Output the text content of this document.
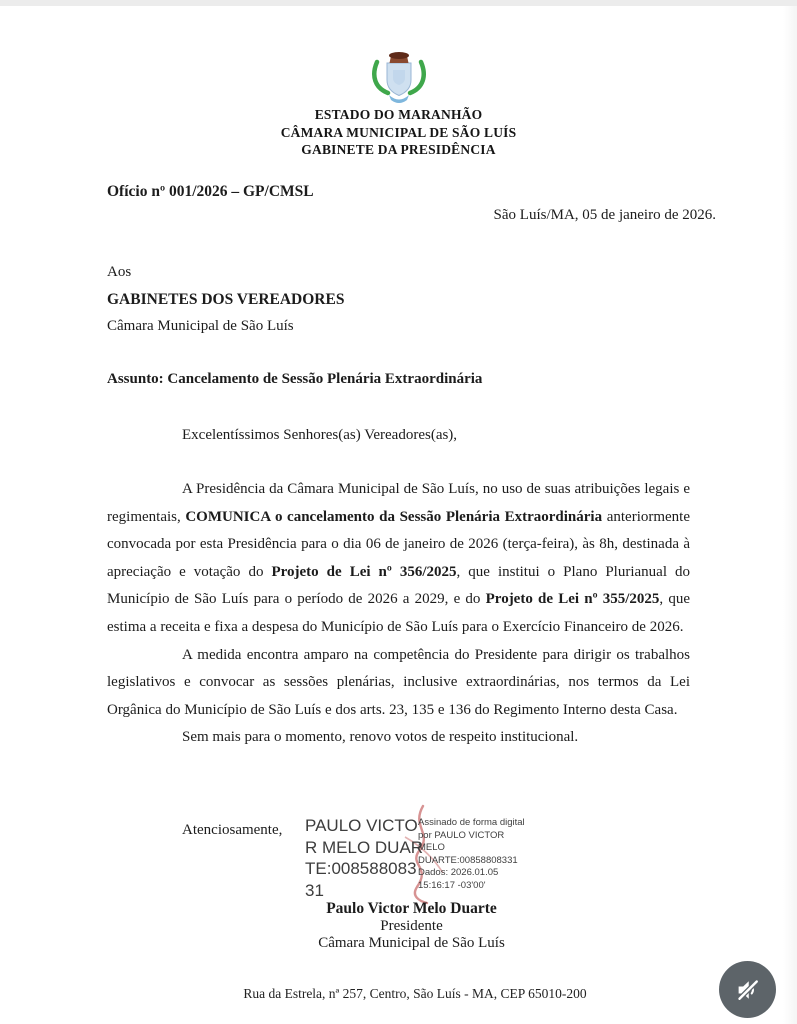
ESTADO DO MARANHÃO
CÂMARA MUNICIPAL DE SÃO LUÍS
GABINETE DA PRESIDÊNCIA
Ofício nº 001/2026 – GP/CMSL
São Luís/MA, 05 de janeiro de 2026.
Aos
GABINETES DOS VEREADORES
Câmara Municipal de São Luís
Assunto: Cancelamento de Sessão Plenária Extraordinária
Excelentíssimos Senhores(as) Vereadores(as),

A Presidência da Câmara Municipal de São Luís, no uso de suas atribuições legais e regimentais, COMUNICA o cancelamento da Sessão Plenária Extraordinária anteriormente convocada por esta Presidência para o dia 06 de janeiro de 2026 (terça-feira), às 8h, destinada à apreciação e votação do Projeto de Lei nº 356/2025, que institui o Plano Plurianual do Município de São Luís para o período de 2026 a 2029, e do Projeto de Lei nº 355/2025, que estima a receita e fixa a despesa do Município de São Luís para o Exercício Financeiro de 2026.

A medida encontra amparo na competência do Presidente para dirigir os trabalhos legislativos e convocar as sessões plenárias, inclusive extraordinárias, nos termos da Lei Orgânica do Município de São Luís e dos arts. 23, 135 e 136 do Regimento Interno desta Casa.

Sem mais para o momento, renovo votos de respeito institucional.

Atenciosamente, PAULO VICTOR MELO DUARTE:00858808331
Assinado de forma digital por PAULO VICTOR MELO DUARTE:00858808331 Dados: 2026.01.05 15:16:17 -03'00'
Paulo Victor Melo Duarte
Presidente
Câmara Municipal de São Luís
Rua da Estrela, nª 257, Centro, São Luís - MA, CEP 65010-200
